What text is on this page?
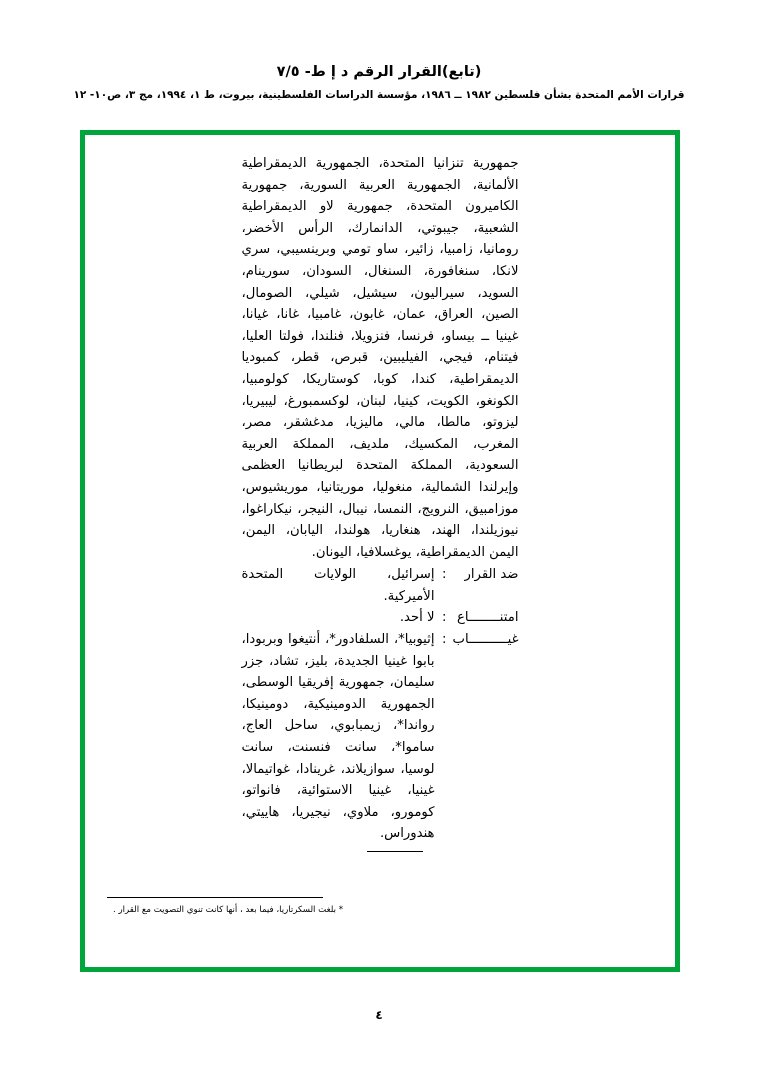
(تابع)القرار الرقم د إ ط- ٧/٥
قرارات الأمم المتحدة بشأن فلسطين ١٩٨٢ ــ ١٩٨٦، مؤسسة الدراسات الفلسطينية، بيروت، ط ١، ١٩٩٤، مج ٣، ص١٠- ١٢
جمهورية تنزانيا المتحدة، الجمهورية الديمقراطية الألمانية، الجمهورية العربية السورية، جمهورية الكاميرون المتحدة، جمهورية لاو الديمقراطية الشعبية، جيبوتي، الدانمارك، الرأس الأخضر، رومانيا، زامبيا، زائير، ساو تومي وبرينسيبي، سري لانكا، سنغافورة، السنغال، السودان، سورينام، السويد، سيراليون، سيشيل، شيلي، الصومال، الصين، العراق، عمان، غابون، غامبيا، غانا، غيانا، غينيا ــ بيساو، فرنسا، فنزويلا، فنلندا، فولتا العليا، فيتنام، فيجي، الفيليبين، قبرص، قطر، كمبوديا الديمقراطية، كندا، كوبا، كوستاريكا، كولومبيا، الكونغو، الكويت، كينيا، لبنان، لوكسمبورغ، ليبيريا، ليزوتو، مالطا، مالي، ماليزيا، مدغشقر، مصر، المغرب، المكسيك، ملديف، المملكة العربية السعودية، المملكة المتحدة لبريطانيا العظمى وإيرلندا الشمالية، منغوليا، موريتانيا، موريشيوس، موزامبيق، النرويج، النمسا، نيبال، النيجر، نيكاراغوا، نيوزيلندا، الهند، هنغاريا، هولندا، اليابان، اليمن، اليمن الديمقراطية، يوغسلافيا، اليونان.
ضد القرار
:
إسرائيل، الولايات المتحدة الأميركية.
امتنــــــــاع
:
لا أحد.
غيــــــــــاب
:
إثيوبيا*، السلفادور*، أنتيغوا وبربودا، بابوا غينيا الجديدة، بليز، تشاد، جزر سليمان، جمهورية إفريقيا الوسطى، الجمهورية الدومينيكية، دومينيكا، رواندا*، زيمبابوي، ساحل العاج، ساموا*، سانت فنسنت، سانت لوسيا، سوازيلاند، غرينادا، غواتيمالا، غينيا، غينيا الاستوائية، فانواتو، كومورو، ملاوي، نيجيريا، هاييتي، هندوراس.
* بلغت السكرتاريا، فيما بعد ، أنها كانت تنوي التصويت مع القرار .
٤
